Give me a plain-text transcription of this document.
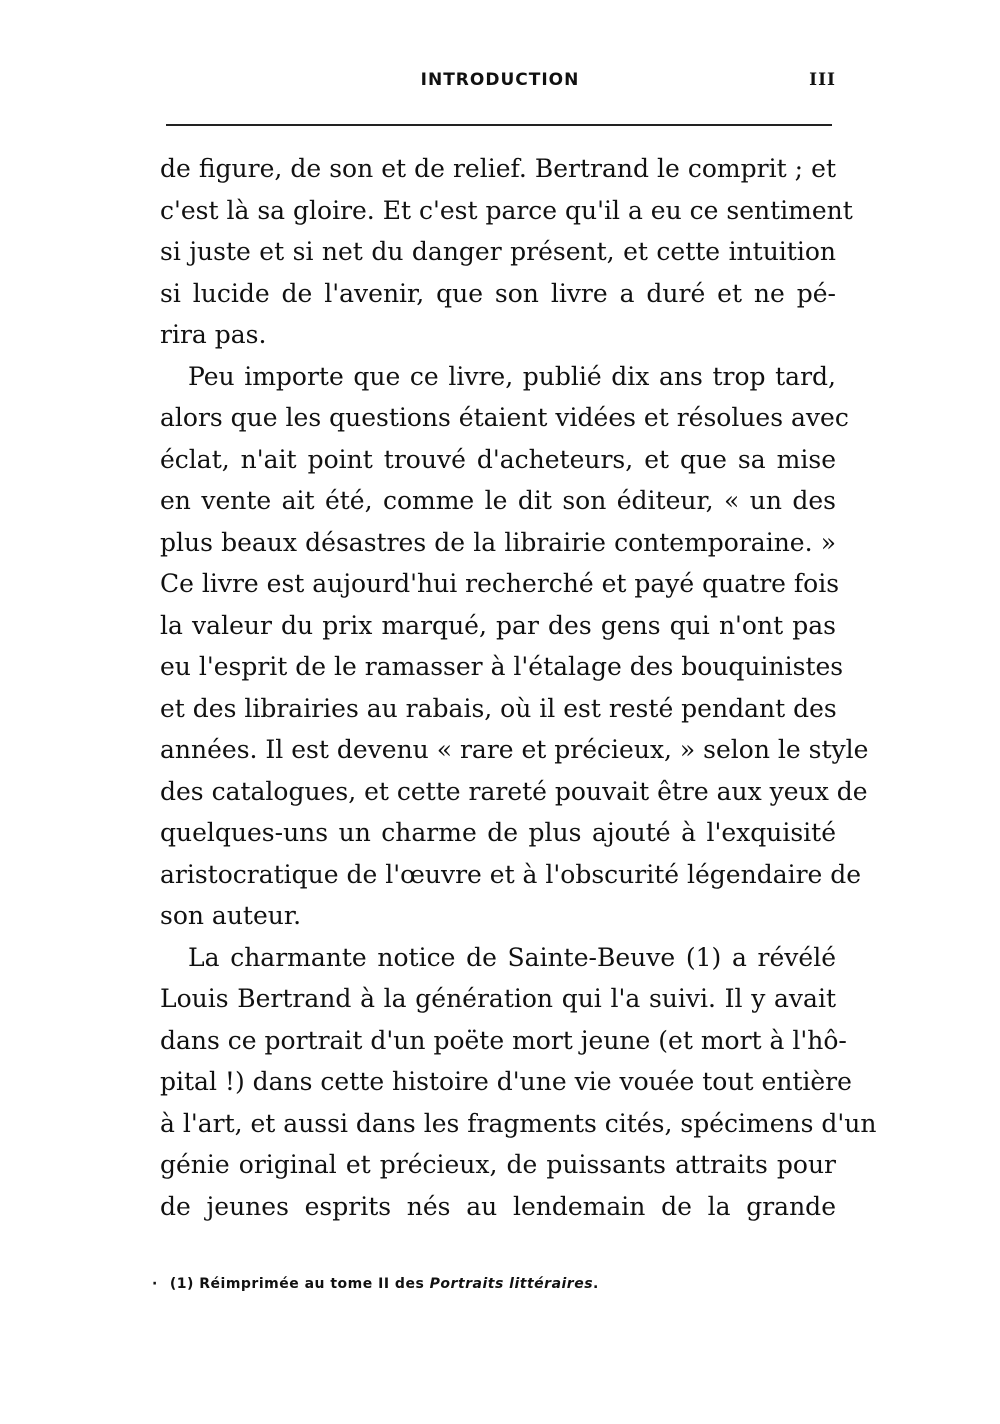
INTRODUCTION	III
de figure, de son et de relief. Bertrand le comprit ; et
c'est là sa gloire. Et c'est parce qu'il a eu ce sentiment
si juste et si net du danger présent, et cette intuition
si lucide de l'avenir, que son livre a duré et ne pé-
rira pas.
Peu importe que ce livre, publié dix ans trop tard,
alors que les questions étaient vidées et résolues avec
éclat, n'ait point trouvé d'acheteurs, et que sa mise
en vente ait été, comme le dit son éditeur, « un des
plus beaux désastres de la librairie contemporaine. »
Ce livre est aujourd'hui recherché et payé quatre fois
la valeur du prix marqué, par des gens qui n'ont pas
eu l'esprit de le ramasser à l'étalage des bouquinistes
et des librairies au rabais, où il est resté pendant des
années. Il est devenu « rare et précieux, » selon le style
des catalogues, et cette rareté pouvait être aux yeux de
quelques-uns un charme de plus ajouté à l'exquisité
aristocratique de l'œuvre et à l'obscurité légendaire de
son auteur.
La charmante notice de Sainte-Beuve (1) a révélé
Louis Bertrand à la génération qui l'a suivi. Il y avait
dans ce portrait d'un poëte mort jeune (et mort à l'hô-
pital !) dans cette histoire d'une vie vouée tout entière
à l'art, et aussi dans les fragments cités, spécimens d'un
génie original et précieux, de puissants attraits pour
de jeunes esprits nés au lendemain de la grande
· (1) Réimprimée au tome II des Portraits littéraires.
